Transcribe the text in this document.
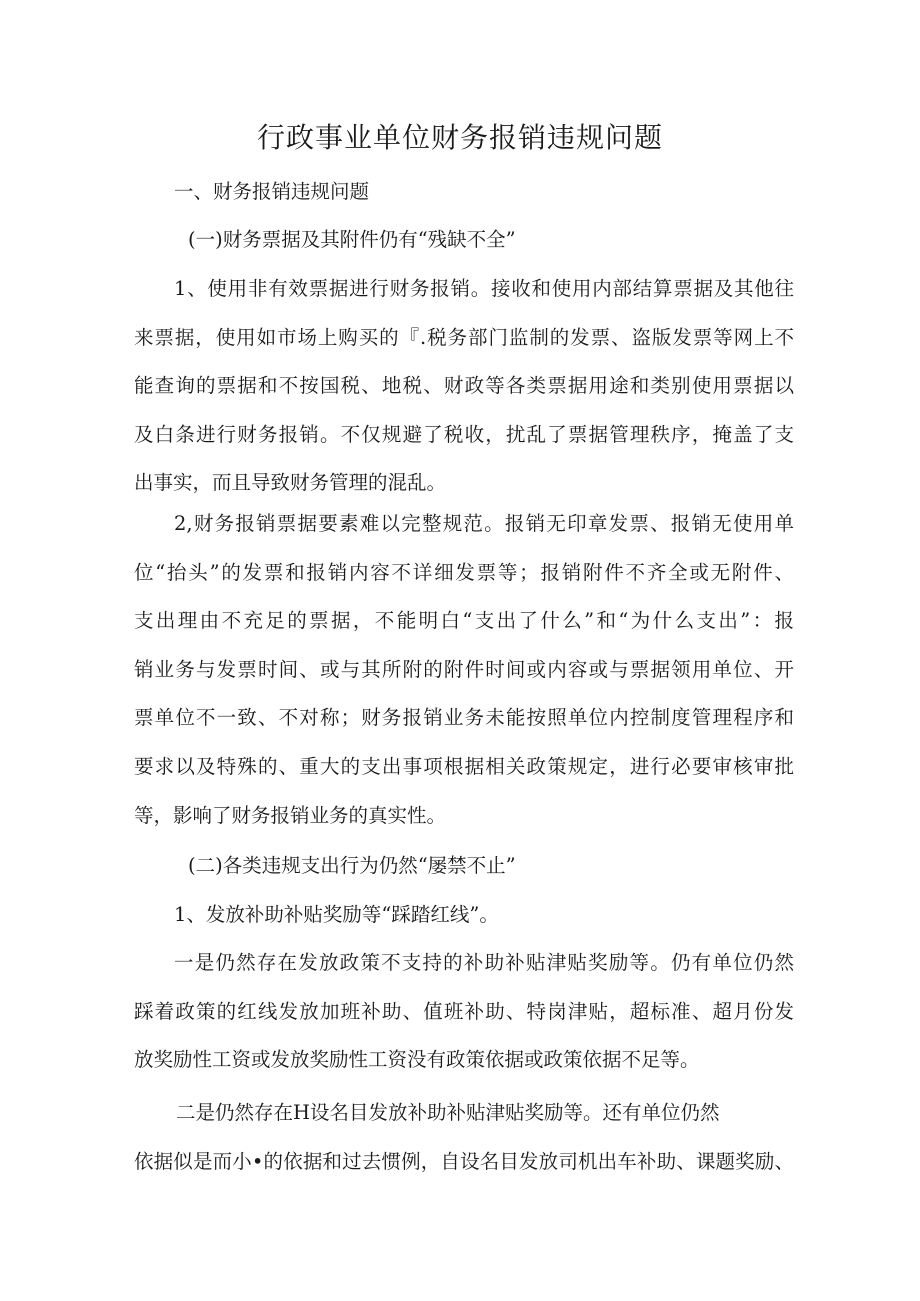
行政事业单位财务报销违规问题
一、财务报销违规问题
(一)财务票据及其附件仍有“残缺不全”
1、使用非有效票据进行财务报销。接收和使用内部结算票据及其他往
来票据，使用如市场上购买的『.税务部门监制的发票、盗版发票等网上不
能查询的票据和不按国税、地税、财政等各类票据用途和类别使用票据以
及白条进行财务报销。不仅规避了税收，扰乱了票据管理秩序，掩盖了支
出事实，而且导致财务管理的混乱。
2,财务报销票据要素难以完整规范。报销无印章发票、报销无使用单
位“抬头”的发票和报销内容不详细发票等；报销附件不齐全或无附件、
支出理由不充足的票据，不能明白“支出了什么”和“为什么支出”：报
销业务与发票时间、或与其所附的附件时间或内容或与票据领用单位、开
票单位不一致、不对称；财务报销业务未能按照单位内控制度管理程序和
要求以及特殊的、重大的支出事项根据相关政策规定，进行必要审核审批
等，影响了财务报销业务的真实性。
(二)各类违规支出行为仍然“屡禁不止”
1、发放补助补贴奖励等“踩踏红线”。
一是仍然存在发放政策不支持的补助补贴津贴奖励等。仍有单位仍然
踩着政策的红线发放加班补助、值班补助、特岗津贴，超标准、超月份发
放奖励性工资或发放奖励性工资没有政策依据或政策依据不足等。
二是仍然存在H设名目发放补助补贴津贴奖励等。还有单位仍然
依据似是而小•的依据和过去惯例，自设名目发放司机出车补助、课题奖励、
